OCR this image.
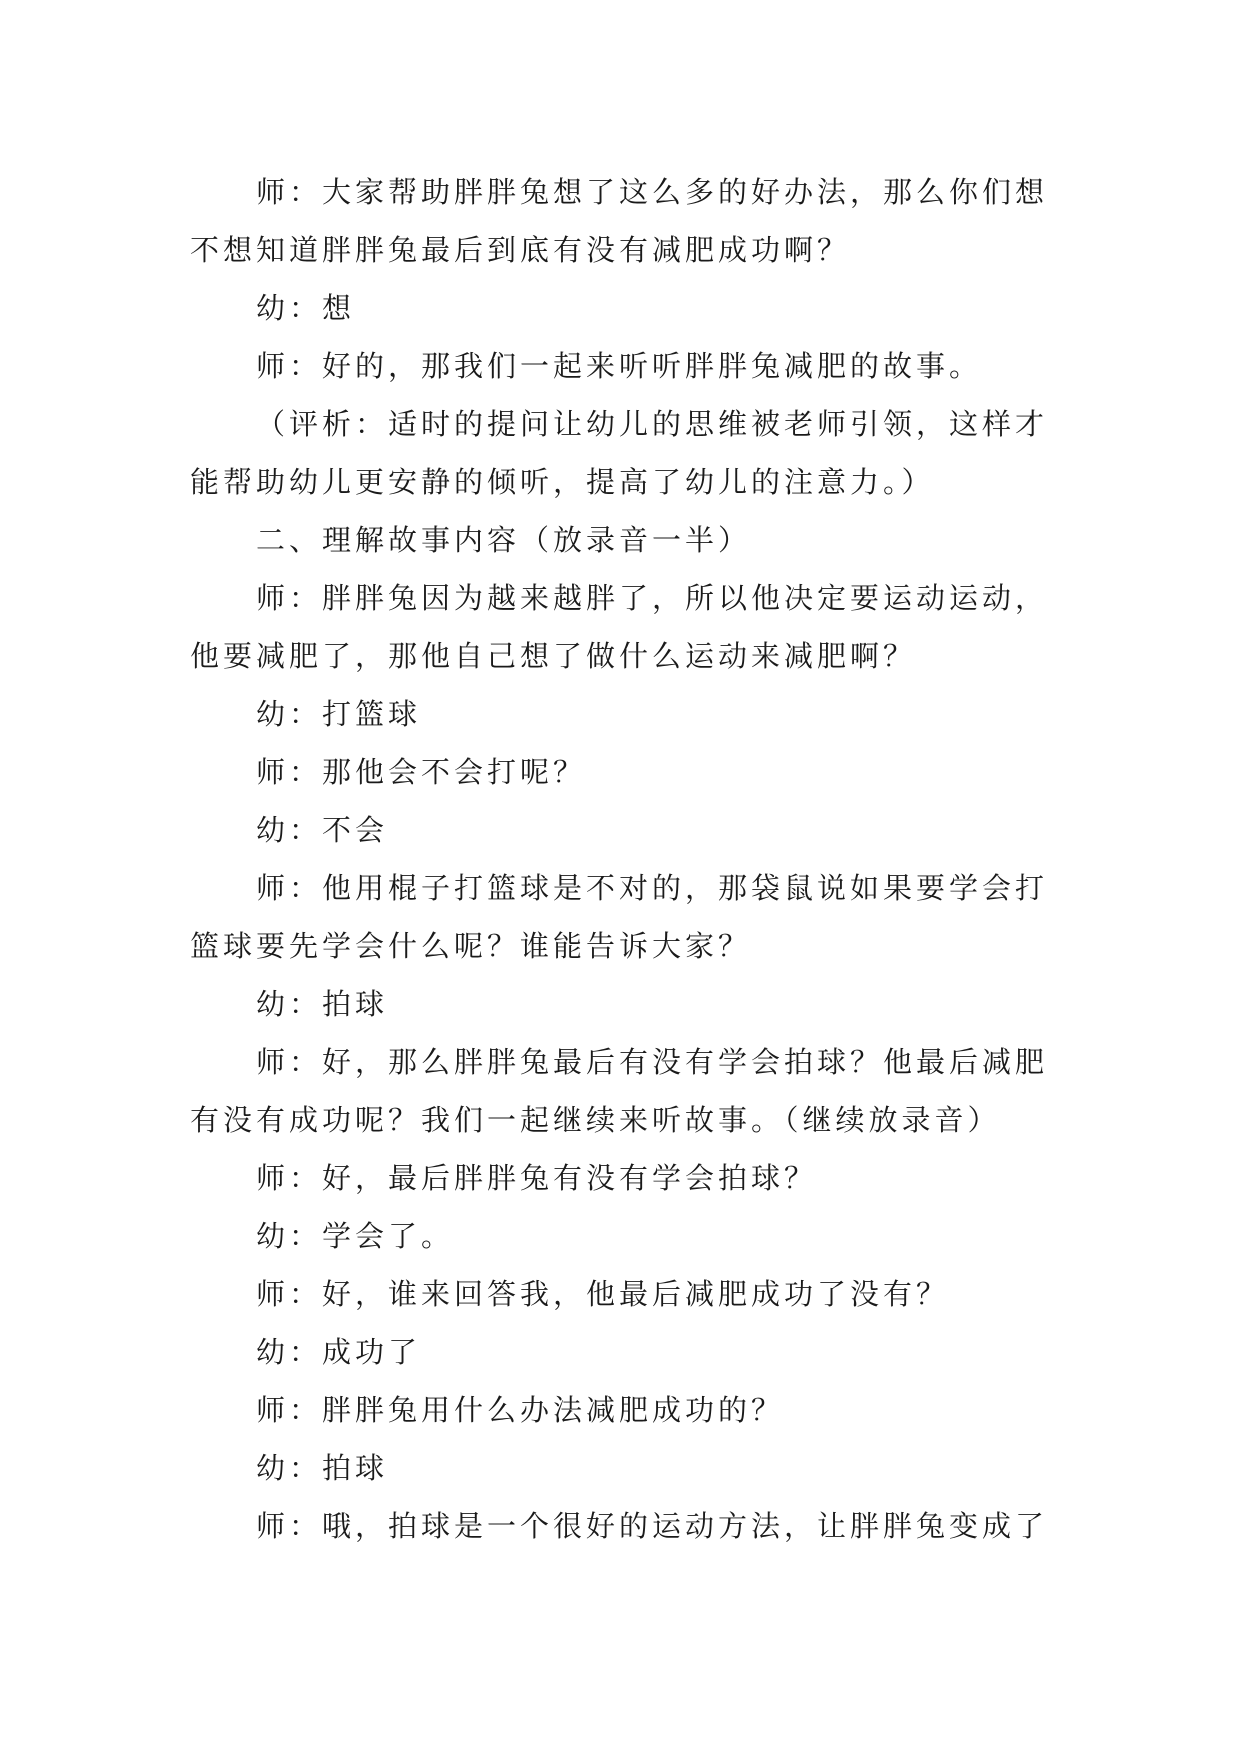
师：大家帮助胖胖兔想了这么多的好办法，那么你们想不想知道胖胖兔最后到底有没有减肥成功啊？

幼：想

师：好的，那我们一起来听听胖胖兔减肥的故事。

（评析：适时的提问让幼儿的思维被老师引领，这样才能帮助幼儿更安静的倾听，提高了幼儿的注意力。）

二、理解故事内容（放录音一半）

师：胖胖兔因为越来越胖了，所以他决定要运动运动，他要减肥了，那他自己想了做什么运动来减肥啊？

幼：打篮球

师：那他会不会打呢？

幼：不会

师：他用棍子打篮球是不对的，那袋鼠说如果要学会打篮球要先学会什么呢？谁能告诉大家？

幼：拍球

师：好，那么胖胖兔最后有没有学会拍球？他最后减肥有没有成功呢？我们一起继续来听故事。（继续放录音）

师：好，最后胖胖兔有没有学会拍球？

幼：学会了。

师：好，谁来回答我，他最后减肥成功了没有？

幼：成功了

师：胖胖兔用什么办法减肥成功的？

幼：拍球

师：哦，拍球是一个很好的运动方法，让胖胖兔变成了
